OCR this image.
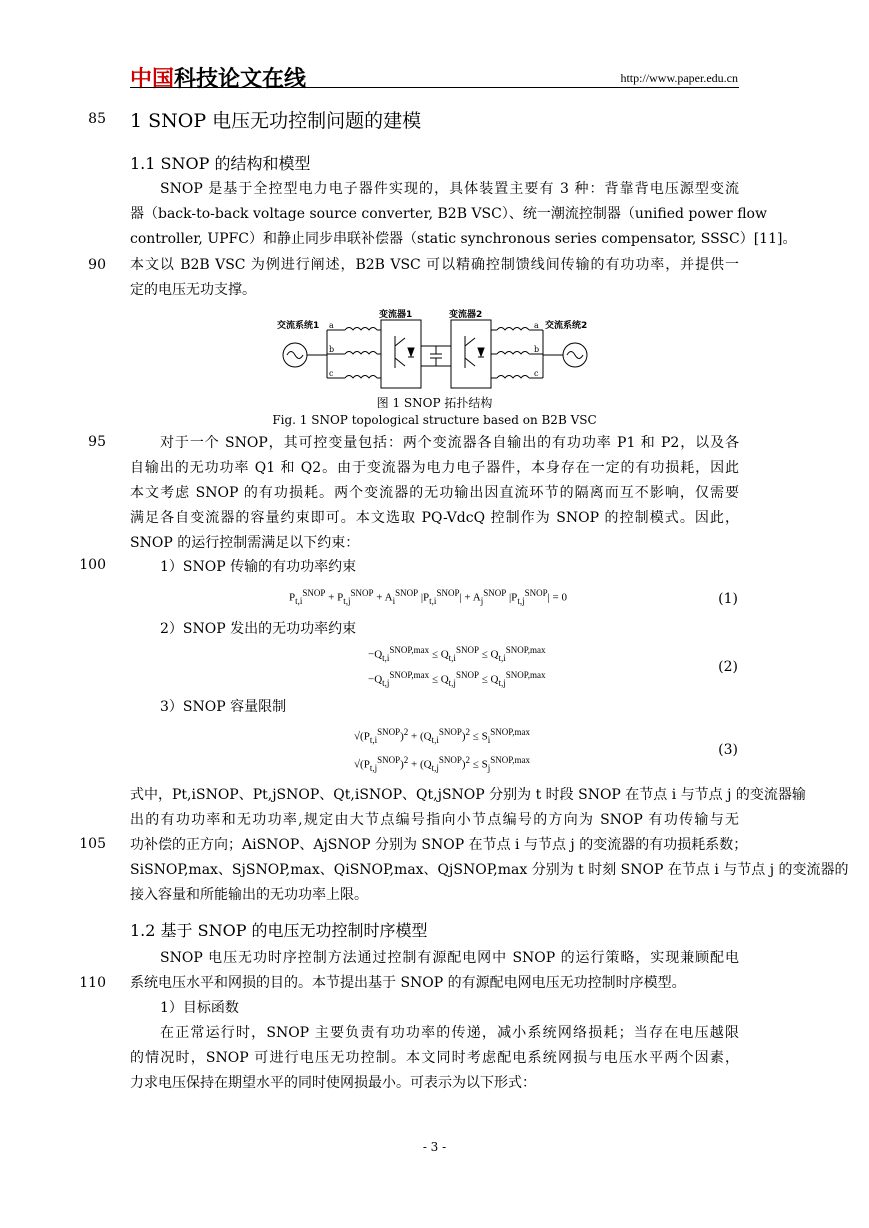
中国科技论文在线	http://www.paper.edu.cn
85
90
95
100
105
110
1 SNOP 电压无功控制问题的建模
1.1 SNOP 的结构和模型
SNOP 是基于全控型电力电子器件实现的，具体装置主要有 3 种：背靠背电压源型变流
器（back-to-back voltage source converter, B2B VSC）、统一潮流控制器（unified power flow
controller, UPFC）和静止同步串联补偿器（static synchronous series compensator, SSSC）[11]。
本文以 B2B VSC 为例进行阐述，B2B VSC 可以精确控制馈线间传输的有功功率，并提供一
定的电压无功支撑。
交流系统1	交流系统2
变流器1	变流器2
a
b
c
a
b
c
图 1 SNOP 拓扑结构
Fig. 1 SNOP topological structure based on B2B VSC
对于一个 SNOP，其可控变量包括：两个变流器各自输出的有功功率 P1 和 P2，以及各
自输出的无功功率 Q1 和 Q2。由于变流器为电力电子器件，本身存在一定的有功损耗，因此
本文考虑 SNOP 的有功损耗。两个变流器的无功输出因直流环节的隔离而互不影响，仅需要
满足各自变流器的容量约束即可。本文选取 PQ-VdcQ 控制作为 SNOP 的控制模式。因此，
SNOP 的运行控制需满足以下约束：
1）SNOP 传输的有功功率约束
$P_{t,i}^{SNOP} + P_{t,j}^{SNOP} + A_i^{SNOP}$ $|P_{t,i}^{SNOP}| + A_j^{SNOP}$ $|P_{t,j}^{SNOP}| = 0$	(1)
2）SNOP 发出的无功功率约束
$-Q_{t,i}^{SNOP,max} \le Q_{t,i}^{SNOP} \le Q_{t,i}^{SNOP,max}$
$-Q_{t,j}^{SNOP,max} \le Q_{t,j}^{SNOP} \le Q_{t,j}^{SNOP,max}$	(2)
3）SNOP 容量限制
$√(P_{t,i}^{SNOP})^2 + (Q_{t,i}^{SNOP})^2 \le S_i^{SNOP,max}$
$√(P_{t,j}^{SNOP})^2 + (Q_{t,j}^{SNOP})^2 \le S_j^{SNOP,max}$
(3)
式中，Pt,iSNOP、Pt,jSNOP、Qt,iSNOP、Qt,jSNOP 分别为 t 时段 SNOP 在节点 i 与节点 j 的变流器输
出的有功功率和无功功率,规定由大节点编号指向小节点编号的方向为 SNOP 有功传输与无
功补偿的正方向；AiSNOP、AjSNOP 分别为 SNOP 在节点 i 与节点 j 的变流器的有功损耗系数；
SiSNOP,max、SjSNOP,max、QiSNOP,max、QjSNOP,max 分别为 t 时刻 SNOP 在节点 i 与节点 j 的变流器的
接入容量和所能输出的无功功率上限。
1.2 基于 SNOP 的电压无功控制时序模型
SNOP 电压无功时序控制方法通过控制有源配电网中 SNOP 的运行策略，实现兼顾配电
系统电压水平和网损的目的。本节提出基于 SNOP 的有源配电网电压无功控制时序模型。
1）目标函数
在正常运行时，SNOP 主要负责有功功率的传递，减小系统网络损耗；当存在电压越限
的情况时，SNOP 可进行电压无功控制。本文同时考虑配电系统网损与电压水平两个因素，
力求电压保持在期望水平的同时使网损最小。可表示为以下形式：
- 3 -
